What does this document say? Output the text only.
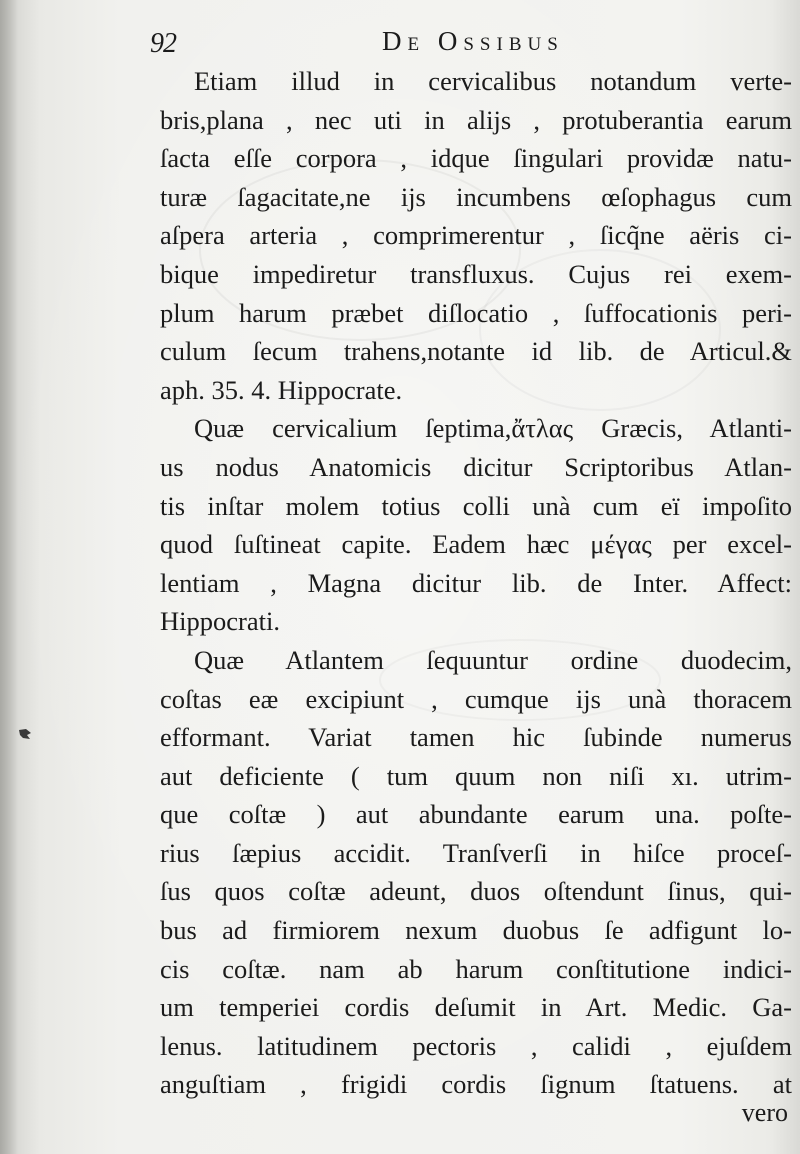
92	De Ossibus
Etiam illud in cervicalibus notandum verte-
bris,plana , nec uti in alijs , protuberantia earum
ſacta eſſe corpora , idque ſingulari providæ natu-
turæ ſagacitate,ne ijs incumbens œſophagus cum
aſpera arteria , comprimerentur , ſicq̃ne aëris ci-
bique impediretur transfluxus. Cujus rei exem-
plum harum præbet diſlocatio , ſuffocationis peri-
culum ſecum trahens,notante id lib. de Articul.&
aph. 35. 4. Hippocrate.
Quæ cervicalium ſeptima,ἄτλας Græcis, Atlanti-
us nodus Anatomicis dicitur Scriptoribus Atlan-
tis inſtar molem totius colli unà cum eï impoſito
quod ſuſtineat capite. Eadem hæc μέγας per excel-
lentiam , Magna dicitur lib. de Inter. Affect:
Hippocrati.
Quæ Atlantem ſequuntur ordine duodecim,
coſtas eæ excipiunt , cumque ijs unà thoracem
efformant. Variat tamen hic ſubinde numerus
aut deficiente ( tum quum non niſi xı. utrim-
que coſtæ ) aut abundante earum una. poſte-
rius ſæpius accidit. Tranſverſi in hiſce proceſ-
ſus quos coſtæ adeunt, duos oſtendunt ſinus, qui-
bus ad firmiorem nexum duobus ſe adfigunt lo-
cis coſtæ. nam ab harum conſtitutione indici-
um temperiei cordis deſumit in Art. Medic. Ga-
lenus. latitudinem pectoris , calidi , ejuſdem
anguſtiam , frigidi cordis ſignum ſtatuens. at
vero
